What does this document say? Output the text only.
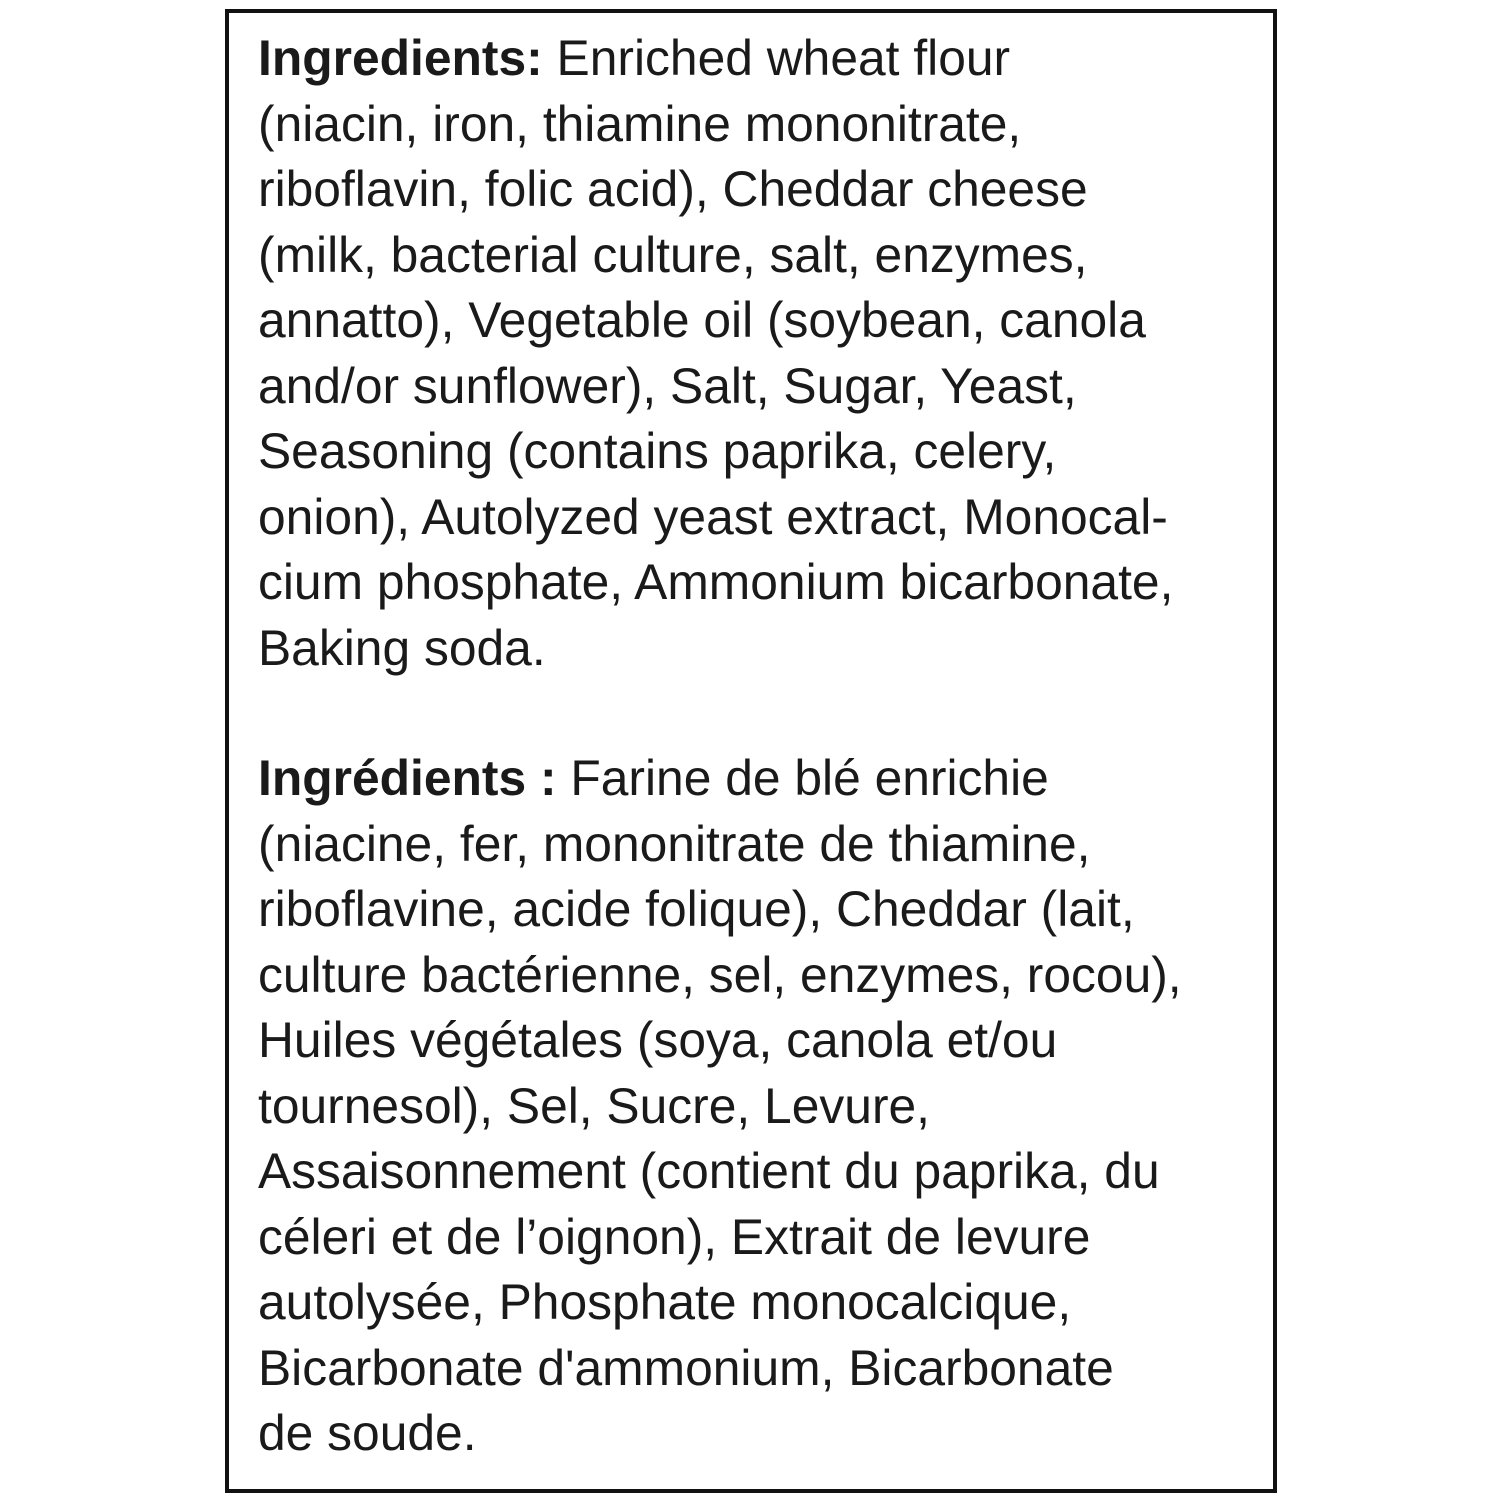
Ingredients: Enriched wheat flour
(niacin, iron, thiamine mononitrate,
riboflavin, folic acid), Cheddar cheese
(milk, bacterial culture, salt, enzymes,
annatto), Vegetable oil (soybean, canola
and/or sunflower), Salt, Sugar, Yeast,
Seasoning (contains paprika, celery,
onion), Autolyzed yeast extract, Monocal-
cium phosphate, Ammonium bicarbonate,
Baking soda.
Ingrédients : Farine de blé enrichie
(niacine, fer, mononitrate de thiamine,
riboflavine, acide folique), Cheddar (lait,
culture bactérienne, sel, enzymes, rocou),
Huiles végétales (soya, canola et/ou
tournesol), Sel, Sucre, Levure,
Assaisonnement (contient du paprika, du
céleri et de l’oignon), Extrait de levure
autolysée, Phosphate monocalcique,
Bicarbonate d'ammonium, Bicarbonate
de soude.
